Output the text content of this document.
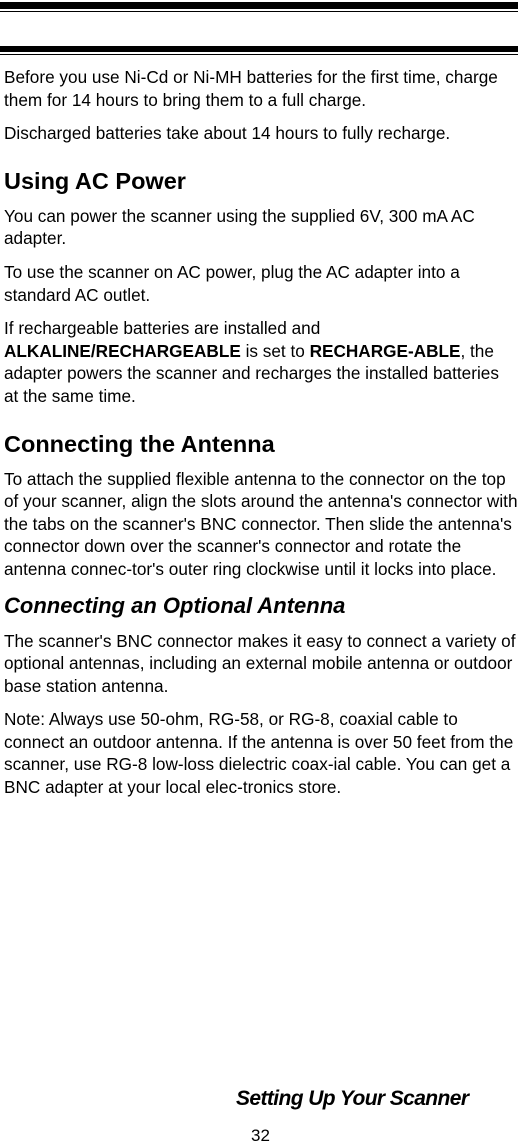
Before you use Ni-Cd or Ni-MH batteries for the first time, charge them for 14 hours to bring them to a full charge.

Discharged batteries take about 14 hours to fully recharge.

Using AC Power

You can power the scanner using the supplied 6V, 300 mA AC adapter.

To use the scanner on AC power, plug the AC adapter into a standard AC outlet.

If rechargeable batteries are installed and ALKALINE/RECHARGEABLE is set to RECHARGE-ABLE, the adapter powers the scanner and recharges the installed batteries at the same time.

Connecting the Antenna

To attach the supplied flexible antenna to the connector on the top of your scanner, align the slots around the antenna's connector with the tabs on the scanner's BNC connector. Then slide the antenna's connector down over the scanner's connector and rotate the antenna connec-tor's outer ring clockwise until it locks into place.

Connecting an Optional Antenna

The scanner's BNC connector makes it easy to connect a variety of optional antennas, including an external mobile antenna or outdoor base station antenna.

Note: Always use 50-ohm, RG-58, or RG-8, coaxial cable to connect an outdoor antenna. If the antenna is over 50 feet from the scanner, use RG-8 low-loss dielectric coax-ial cable. You can get a BNC adapter at your local elec-tronics store.

Setting Up Your Scanner
32
